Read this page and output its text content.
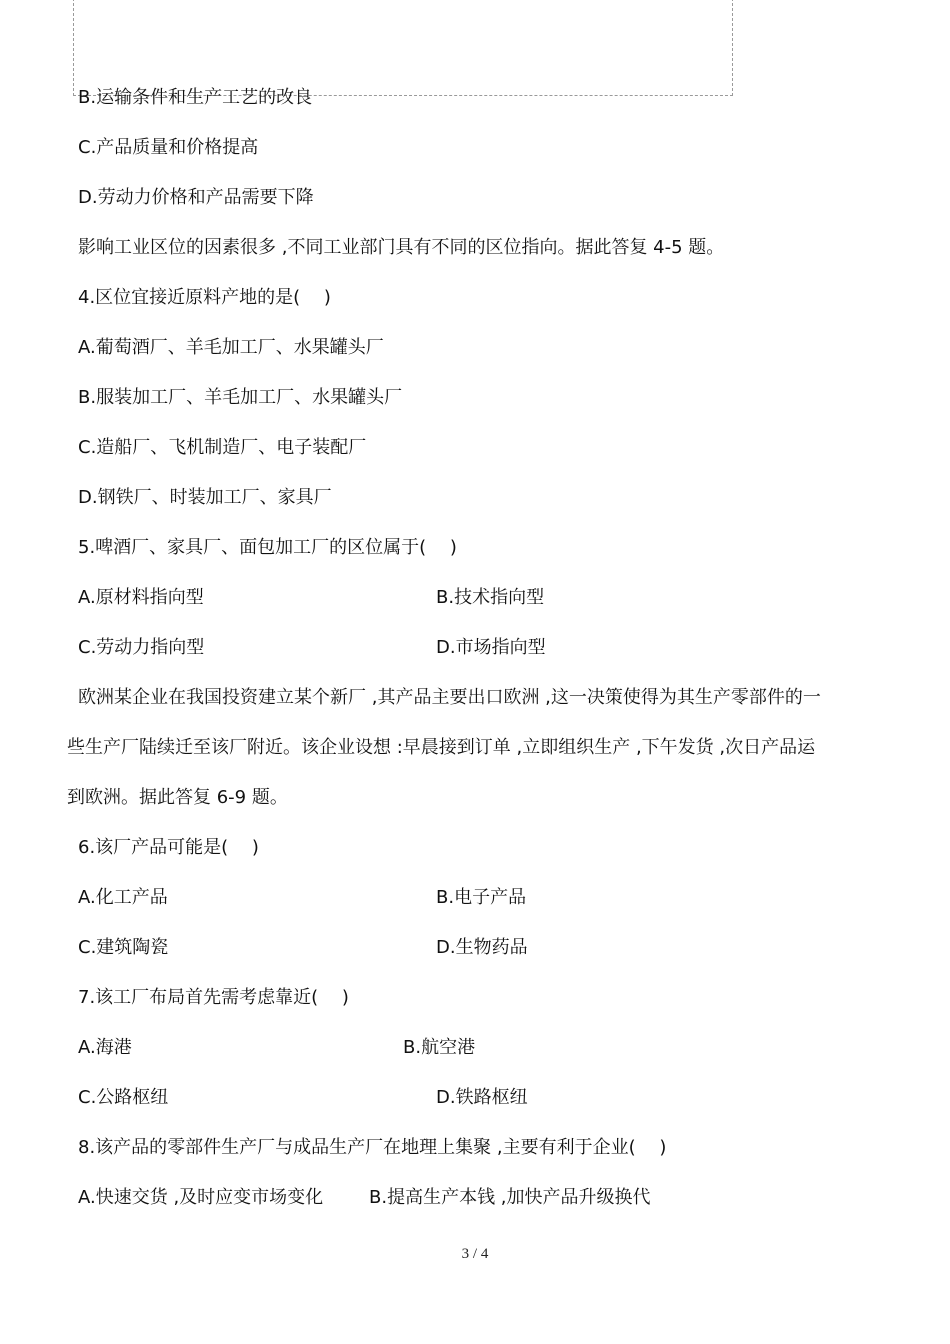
B.运输条件和生产工艺的改良
C.产品质量和价格提高
D.劳动力价格和产品需要下降
影响工业区位的因素很多 ,不同工业部门具有不同的区位指向。据此答复 4-5 题。
4.区位宜接近原料产地的是(　 )
A.葡萄酒厂、羊毛加工厂、水果罐头厂
B.服装加工厂、羊毛加工厂、水果罐头厂
C.造船厂、飞机制造厂、电子装配厂
D.钢铁厂、时装加工厂、家具厂
5.啤酒厂、家具厂、面包加工厂的区位属于(　 )
A.原材料指向型	B.技术指向型
C.劳动力指向型	D.市场指向型
欧洲某企业在我国投资建立某个新厂 ,其产品主要出口欧洲 ,这一决策使得为其生产零部件的一
些生产厂陆续迁至该厂附近。该企业设想 :早晨接到订单 ,立即组织生产 ,下午发货 ,次日产品运
到欧洲。据此答复 6-9 题。
6.该厂产品可能是(　 )
A.化工产品	B.电子产品
C.建筑陶瓷	D.生物药品
7.该工厂布局首先需考虑靠近(　 )
A.海港	B.航空港
C.公路枢纽	D.铁路枢纽
8.该产品的零部件生产厂与成品生产厂在地理上集聚 ,主要有利于企业(　 )
A.快速交货 ,及时应变市场变化	B.提高生产本钱 ,加快产品升级换代
3 / 4
